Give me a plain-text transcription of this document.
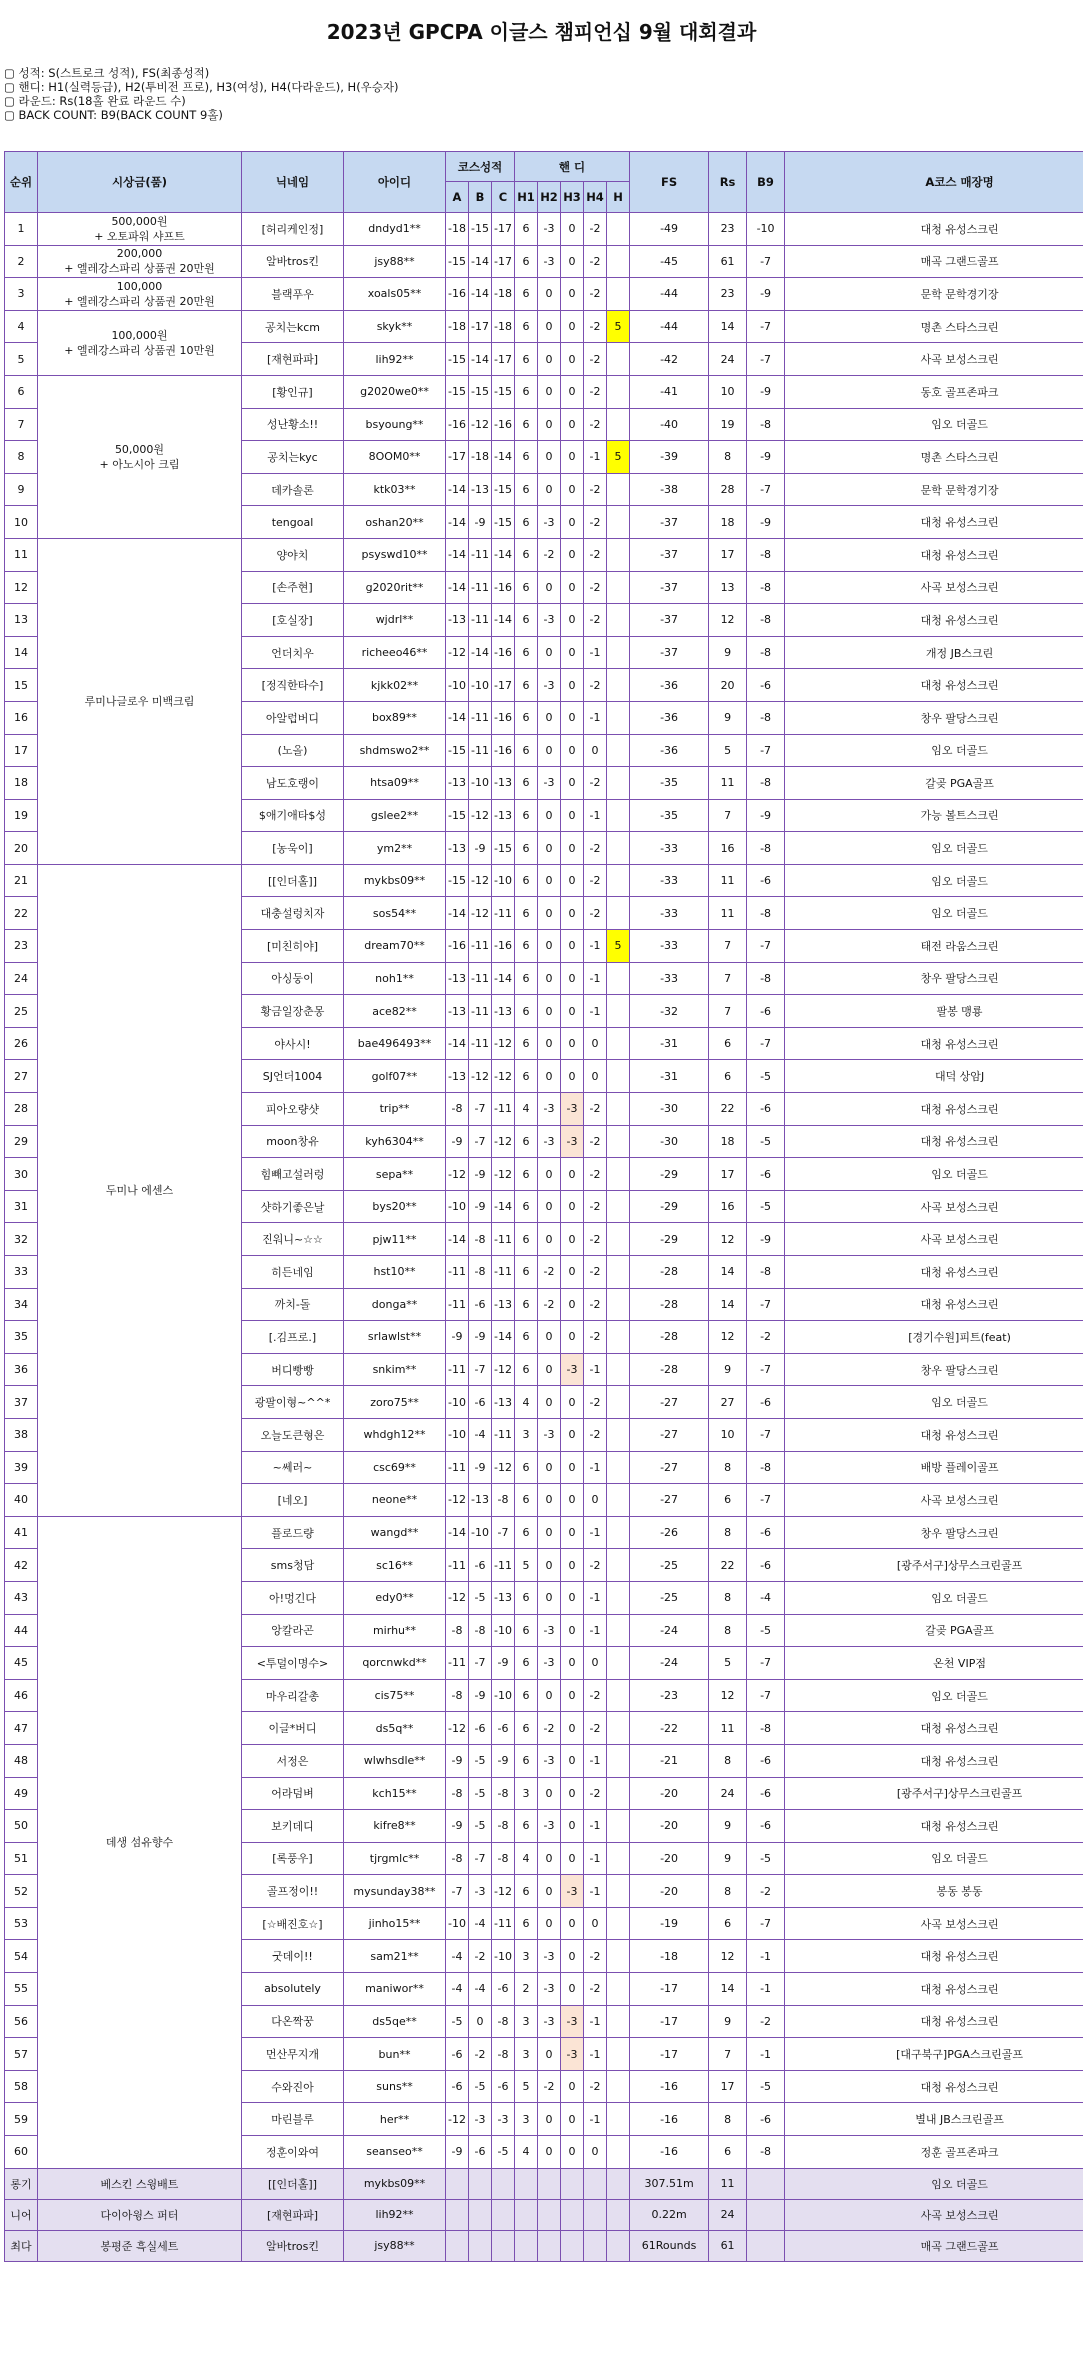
2023년 GPCPA 이글스 챔피언십 9월 대회결과
▢ 성적: S(스트로크 성적), FS(최종성적)
▢ 핸디: H1(실력등급), H2(투비전 프로), H3(여성), H4(다라운드), H(우승자)
▢ 라운드: Rs(18홀 완료 라운드 수)
▢ BACK COUNT: B9(BACK COUNT 9홀)
순위	시상금(품)	닉네임	아이디	코스성적			핸 디					FS	Rs	B9	A코스 매장명
				A	B	C	H1	H2	H3	H4	H				
1	500,000원
+ 오토파워 샤프트	[허리케인정]	dndyd1**	-18	-15	-17	6	-3	0	-2		-49	23	-10	대청 유성스크린
2	200,000
+ 엘레강스파리 상품권 20만원	알바tros킨	jsy88**	-15	-14	-17	6	-3	0	-2		-45	61	-7	매곡 그랜드골프
3	100,000
+ 엘레강스파리 상품권 20만원	블랙푸우	xoals05**	-16	-14	-18	6	0	0	-2		-44	23	-9	문학 문학경기장
4	100,000원
+ 엘레강스파리 상품권 10만원	공치는kcm	skyk**	-18	-17	-18	6	0	0	-2	5	-44	14	-7	명촌 스타스크린
5		[재현파파]	lih92**	-15	-14	-17	6	0	0	-2		-42	24	-7	사곡 보성스크린
6	50,000원
+ 아노시아 크림	[황인규]	g2020we0**	-15	-15	-15	6	0	0	-2		-41	10	-9	동호 골프존파크
7		성난황소!!	bsyoung**	-16	-12	-16	6	0	0	-2		-40	19	-8	임오 더골드
8		공치는kyc	8OOM0**	-17	-18	-14	6	0	0	-1	5	-39	8	-9	명촌 스타스크린
9		데카솔론	ktk03**	-14	-13	-15	6	0	0	-2		-38	28	-7	문학 문학경기장
10		tengoal	oshan20**	-14	-9	-15	6	-3	0	-2		-37	18	-9	대청 유성스크린
11	루미나글로우 미백크림	양야치	psyswd10**	-14	-11	-14	6	-2	0	-2		-37	17	-8	대청 유성스크린
12		[손주현]	g2020rit**	-14	-11	-16	6	0	0	-2		-37	13	-8	사곡 보성스크린
13		[호실장]	wjdrl**	-13	-11	-14	6	-3	0	-2		-37	12	-8	대청 유성스크린
14		언더치우	richeeo46**	-12	-14	-16	6	0	0	-1		-37	9	-8	개정 JB스크린
15		[정직한타수]	kjkk02**	-10	-10	-17	6	-3	0	-2		-36	20	-6	대청 유성스크린
16		아알럽버디	box89**	-14	-11	-16	6	0	0	-1		-36	9	-8	창우 팔당스크린
17		(노올)	shdmswo2**	-15	-11	-16	6	0	0	0		-36	5	-7	임오 더골드
18		남도호랭이	htsa09**	-13	-10	-13	6	-3	0	-2		-35	11	-8	갈곶 PGA골프
19		$애기애타$성	gslee2**	-15	-12	-13	6	0	0	-1		-35	7	-9	가능 볼트스크린
20		[농욱이]	ym2**	-13	-9	-15	6	0	0	-2		-33	16	-8	임오 더골드
21	두미나 에센스	[[인더홀]]	mykbs09**	-15	-12	-10	6	0	0	-2		-33	11	-6	임오 더골드
22		대충설렁치자	sos54**	-14	-12	-11	6	0	0	-2		-33	11	-8	임오 더골드
23		[미친히야]	dream70**	-16	-11	-16	6	0	0	-1	5	-33	7	-7	태전 라움스크린
24		아싱둥이	noh1**	-13	-11	-14	6	0	0	-1		-33	7	-8	창우 팔당스크린
25		황금일장춘몽	ace82**	-13	-11	-13	6	0	0	-1		-32	7	-6	팔봉 맹룡
26		야사시!	bae496493**	-14	-11	-12	6	0	0	0		-31	6	-7	대청 유성스크린
27		SJ언더1004	golf07**	-13	-12	-12	6	0	0	0		-31	6	-5	대덕 상암J
28		피아오량샷	trip**	-8	-7	-11	4	-3	-3	-2		-30	22	-6	대청 유성스크린
29		moon창유	kyh6304**	-9	-7	-12	6	-3	-3	-2		-30	18	-5	대청 유성스크린
30		힘빼고설러렁	sepa**	-12	-9	-12	6	0	0	-2		-29	17	-6	임오 더골드
31		샷하기좋은날	bys20**	-10	-9	-14	6	0	0	-2		-29	16	-5	사곡 보성스크린
32		진워니~☆☆	pjw11**	-14	-8	-11	6	0	0	-2		-29	12	-9	사곡 보성스크린
33		히든네임	hst10**	-11	-8	-11	6	-2	0	-2		-28	14	-8	대청 유성스크린
34		까치-돌	donga**	-11	-6	-13	6	-2	0	-2		-28	14	-7	대청 유성스크린
35		[.김프로.]	srlawlst**	-9	-9	-14	6	0	0	-2		-28	12	-2	[경기수원]피트(feat)
36		버디빵빵	snkim**	-11	-7	-12	6	0	-3	-1		-28	9	-7	창우 팔당스크린
37		광팔이형~^^*	zoro75**	-10	-6	-13	4	0	0	-2		-27	27	-6	임오 더골드
38		오늘도큰형은	whdgh12**	-10	-4	-11	3	-3	0	-2		-27	10	-7	대청 유성스크린
39		~쎄러~	csc69**	-11	-9	-12	6	0	0	-1		-27	8	-8	배방 플레이골프
40		[네오]	neone**	-12	-13	-8	6	0	0	0		-27	6	-7	사곡 보성스크린
41	데생 섬유향수	플로드량	wangd**	-14	-10	-7	6	0	0	-1		-26	8	-6	창우 팔당스크린
42		sms청담	sc16**	-11	-6	-11	5	0	0	-2		-25	22	-6	[광주서구]상무스크린골프
43		아!멍긴다	edy0**	-12	-5	-13	6	0	0	-1		-25	8	-4	임오 더골드
44		앙칼라곤	mirhu**	-8	-8	-10	6	-3	0	-1		-24	8	-5	갈곶 PGA골프
45		<투덜이명수>	qorcnwkd**	-11	-7	-9	6	-3	0	0		-24	5	-7	온천 VIP점
46		마우리갈총	cis75**	-8	-9	-10	6	0	0	-2		-23	12	-7	임오 더골드
47		이글*버디	ds5q**	-12	-6	-6	6	-2	0	-2		-22	11	-8	대청 유성스크린
48		서정은	wlwhsdle**	-9	-5	-9	6	-3	0	-1		-21	8	-6	대청 유성스크린
49		어라덤벼	kch15**	-8	-5	-8	3	0	0	-2		-20	24	-6	[광주서구]상무스크린골프
50		보키데디	kifre8**	-9	-5	-8	6	-3	0	-1		-20	9	-6	대청 유성스크린
51		[록풍우]	tjrgmlc**	-8	-7	-8	4	0	0	-1		-20	9	-5	임오 더골드
52		골프정이!!	mysunday38**	-7	-3	-12	6	0	-3	-1		-20	8	-2	봉동 봉동
53		[☆배진호☆]	jinho15**	-10	-4	-11	6	0	0	0		-19	6	-7	사곡 보성스크린
54		굿데이!!	sam21**	-4	-2	-10	3	-3	0	-2		-18	12	-1	대청 유성스크린
55		absolutely	maniwor**	-4	-4	-6	2	-3	0	-2		-17	14	-1	대청 유성스크린
56		다온짝꿍	ds5qe**	-5	0	-8	3	-3	-3	-1		-17	9	-2	대청 유성스크린
57		먼산무지개	bun**	-6	-2	-8	3	0	-3	-1		-17	7	-1	[대구북구]PGA스크린골프
58		수와진아	suns**	-6	-5	-6	5	-2	0	-2		-16	17	-5	대청 유성스크린
59		마린블루	her**	-12	-3	-3	3	0	0	-1		-16	8	-6	별내 JB스크린골프
60		정훈이와여	seanseo**	-9	-6	-5	4	0	0	0		-16	6	-8	정훈 골프존파크
롱기	베스킨 스윙배트	[[인더홀]]	mykbs09**									307.51m	11		임오 더골드
니어	다이아윙스 퍼터	[재현파파]	lih92**									0.22m	24		사곡 보성스크린
최다	봉평준 흑실세트	알바tros킨	jsy88**									61Rounds	61		매곡 그랜드골프
